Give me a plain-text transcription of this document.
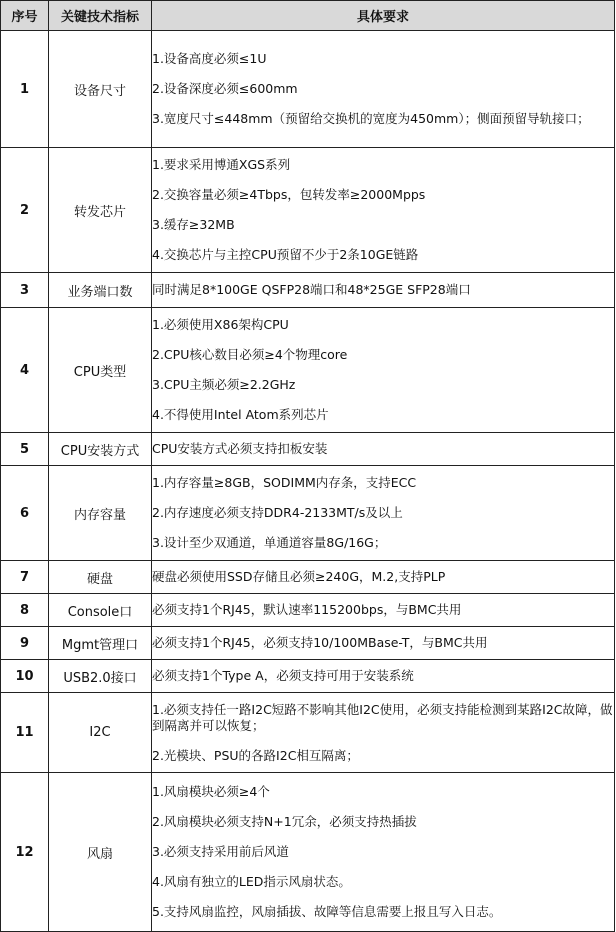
序号	关键技术指标	具体要求
1	设备尺寸	1.设备高度必须≤1U

2.设备深度必须≤600mm

3.宽度尺寸≤448mm（预留给交换机的宽度为450mm）；侧面预留导轨接口；

2	转发芯片	1.要求采用博通XGS系列

2.交换容量必须≥4Tbps，包转发率≥2000Mpps

3.缓存≥32MB

4.交换芯片与主控CPU预留不少于2条10GE链路

3	业务端口数	同时满足8*100GE QSFP28端口和48*25GE SFP28端口

4	CPU类型	1.必须使用X86架构CPU

2.CPU核心数目必须≥4个物理core

3.CPU主频必须≥2.2GHz

4.不得使用Intel Atom系列芯片

5	CPU安装方式	CPU安装方式必须支持扣板安装

6	内存容量	1.内存容量≥8GB，SODIMM内存条，支持ECC

2.内存速度必须支持DDR4-2133MT/s及以上

3.设计至少双通道，单通道容量8G/16G；

7	硬盘	硬盘必须使用SSD存储且必须≥240G，M.2,支持PLP

8	Console口	必须支持1个RJ45，默认速率115200bps，与BMC共用

9	Mgmt管理口	必须支持1个RJ45，必须支持10/100MBase-T，与BMC共用

10	USB2.0接口	必须支持1个Type A，必须支持可用于安装系统

11	I2C	1.必须支持任一路I2C短路不影响其他I2C使用，必须支持能检测到某路I2C故障，做到隔离并可以恢复；

2.光模块、PSU的各路I2C相互隔离；

12	风扇	1.风扇模块必须≥4个

2.风扇模块必须支持N+1冗余，必须支持热插拔

3.必须支持采用前后风道

4.风扇有独立的LED指示风扇状态。

5.支持风扇监控，风扇插拔、故障等信息需要上报且写入日志。
